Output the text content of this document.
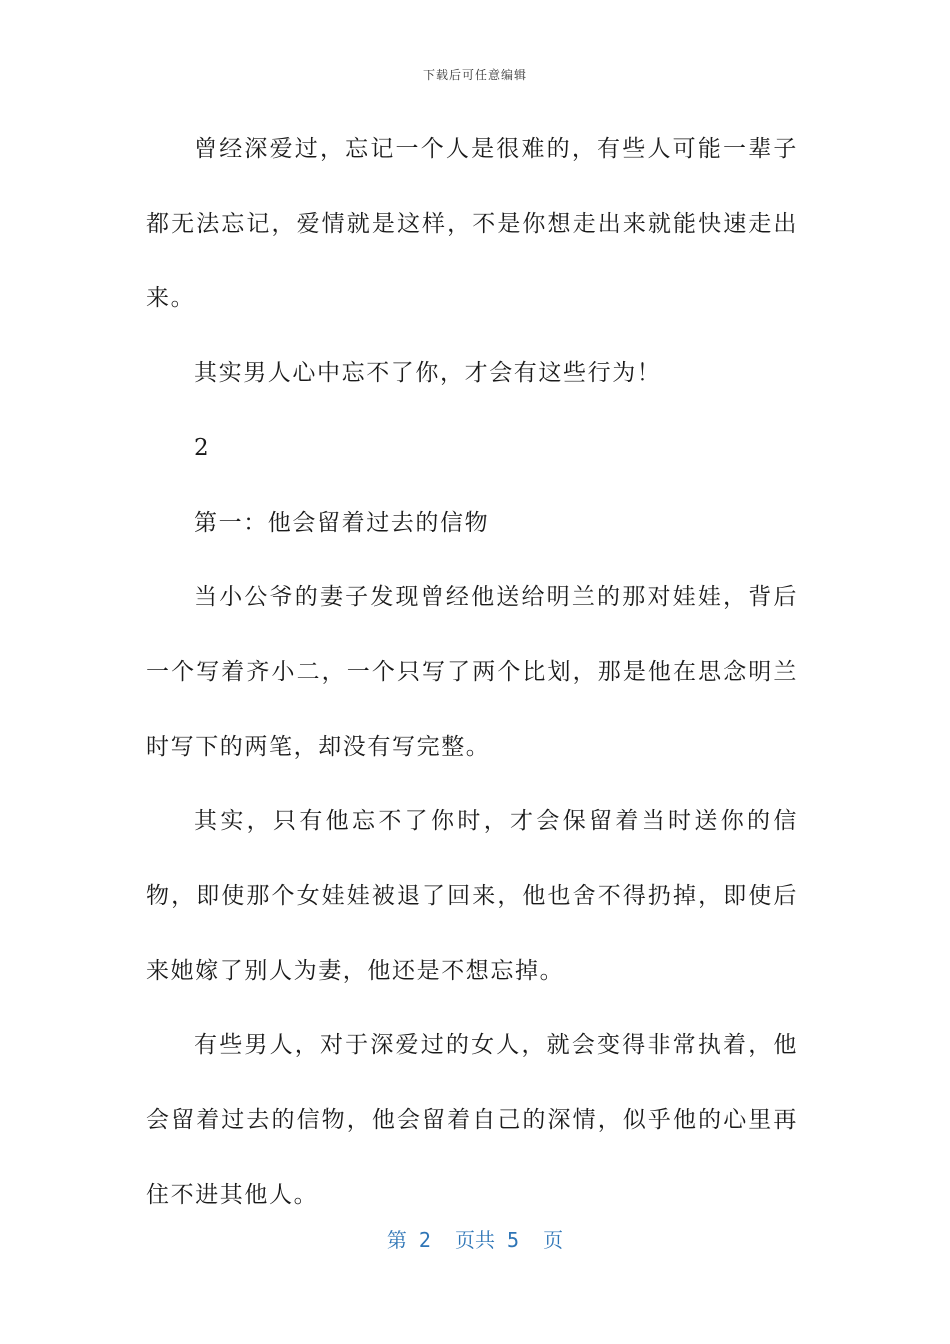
下载后可任意编辑

曾经深爱过，忘记一个人是很难的，有些人可能一辈子都无法忘记，爱情就是这样，不是你想走出来就能快速走出来。

其实男人心中忘不了你，才会有这些行为！

2

第一：他会留着过去的信物

当小公爷的妻子发现曾经他送给明兰的那对娃娃，背后一个写着齐小二，一个只写了两个比划，那是他在思念明兰时写下的两笔，却没有写完整。

其实，只有他忘不了你时，才会保留着当时送你的信物，即使那个女娃娃被退了回来，他也舍不得扔掉，即使后来她嫁了别人为妻，他还是不想忘掉。

有些男人，对于深爱过的女人，就会变得非常执着，他会留着过去的信物，他会留着自己的深情，似乎他的心里再住不进其他人。

第 2  页共 5  页
